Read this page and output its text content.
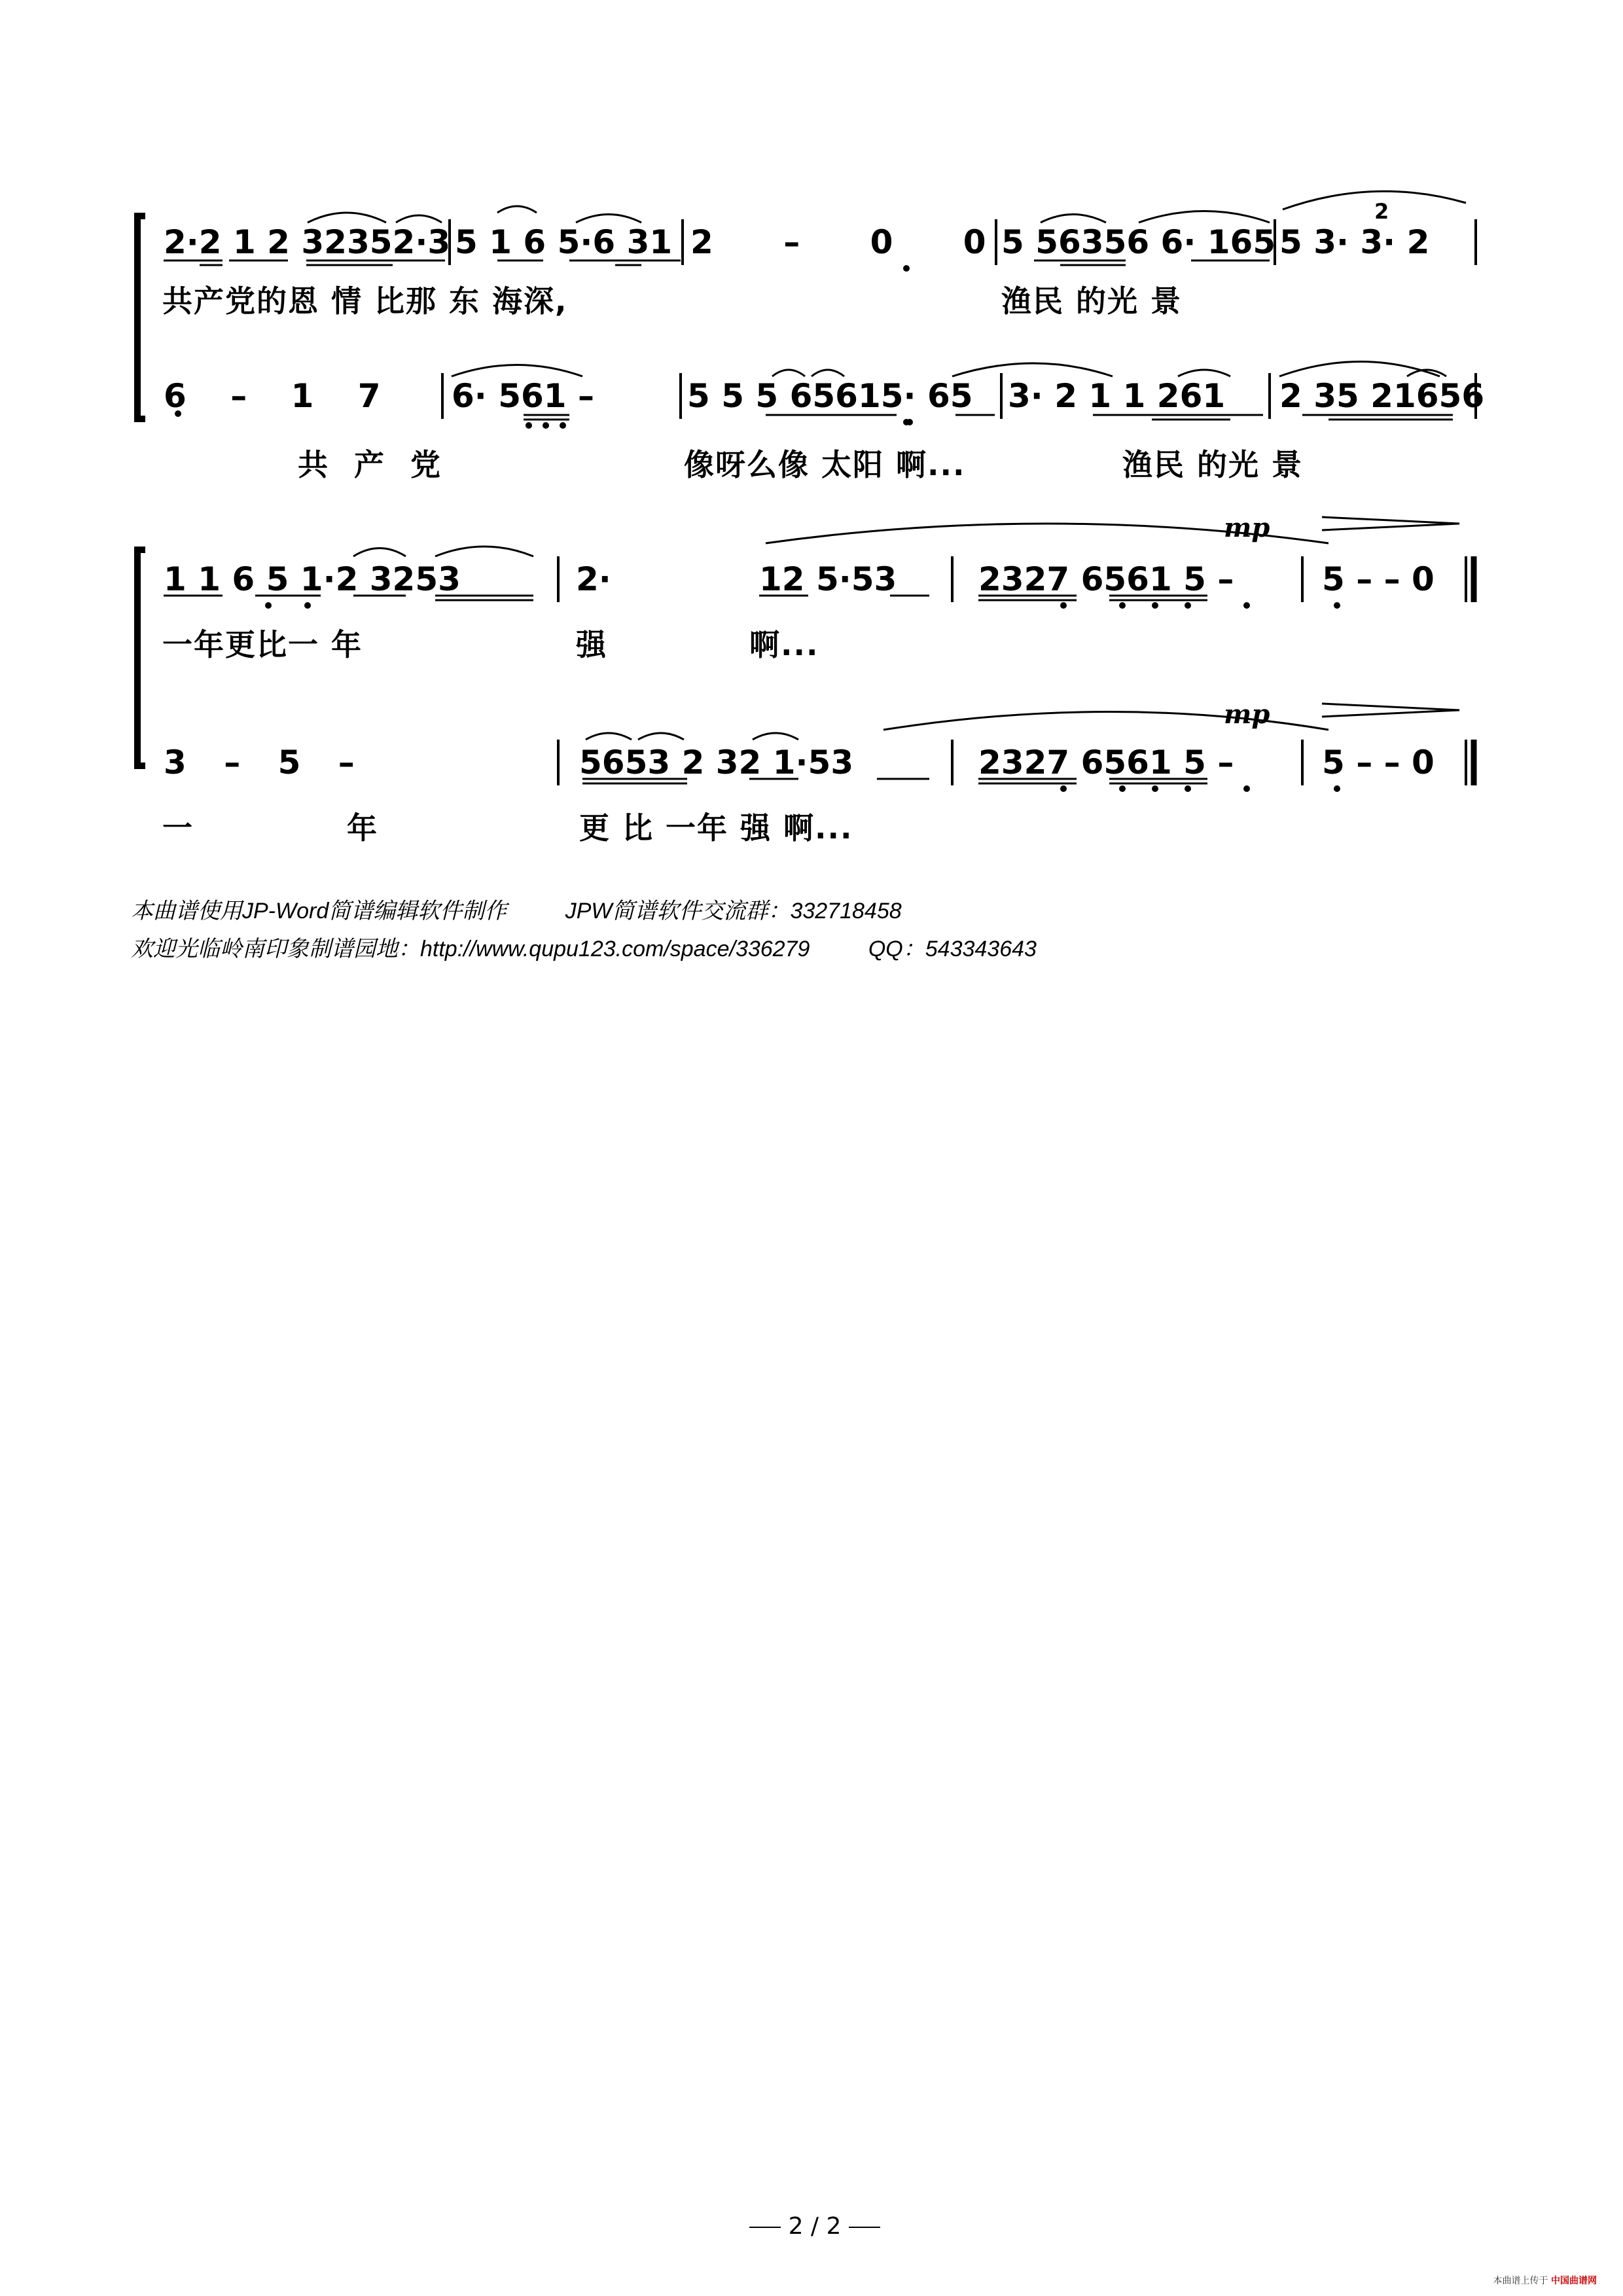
2·2 1 2 32352·3 5 1 6 5·6 31 2 – 0 0 5 56356 6· 165 5 3· 3· 2
2
共产党的恩 情 比那 东 海深,	渔民 的光 景
6 – 1 7 6· 561 –	5 5 5 65615· 65 3· 2 1 1 261 2 35 21656
共 产 党	像呀么像 太阳 啊...	渔民 的光 景
1 1 6 5 1·2 3253	2·	12 5·53 2327 6561 5 –	5 – – 0
mp
一年更比一 年	强	啊...
3 – 5 –	5653 2 32 1·53	2327 6561 5 –	5 – – 0
mp
一	年	更 比 一年 强 啊...
本曲谱使用JP-Word简谱编辑软件制作	JPW简谱软件交流群：332718458
欢迎光临岭南印象制谱园地：http://www.qupu123.com/space/336279	QQ：543343643
2 / 2
本曲谱上传于 中国曲谱网
